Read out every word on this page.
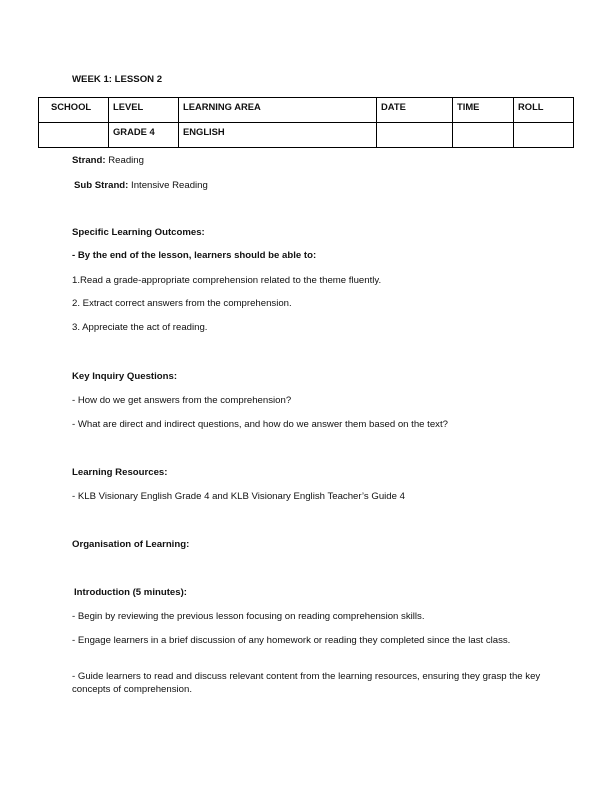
WEEK 1: LESSON 2
SCHOOL	LEVEL	LEARNING AREA	DATE	TIME	ROLL
	GRADE 4	ENGLISH			
Strand: Reading
Sub Strand: Intensive Reading
Specific Learning Outcomes:
- By the end of the lesson, learners should be able to:
1.Read a grade-appropriate comprehension related to the theme fluently.
2. Extract correct answers from the comprehension.
3. Appreciate the act of reading.
Key Inquiry Questions:
- How do we get answers from the comprehension?
- What are direct and indirect questions, and how do we answer them based on the text?
Learning Resources:
- KLB Visionary English Grade 4 and KLB Visionary English Teacher’s Guide 4
Organisation of Learning:
Introduction (5 minutes):
- Begin by reviewing the previous lesson focusing on reading comprehension skills.
- Engage learners in a brief discussion of any homework or reading they completed since the last class.
- Guide learners to read and discuss relevant content from the learning resources, ensuring they grasp the key concepts of comprehension.
